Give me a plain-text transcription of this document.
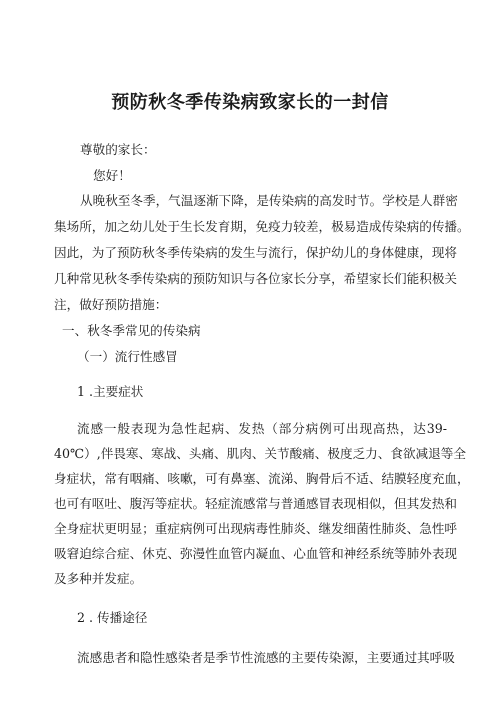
预防秋冬季传染病致家长的一封信
尊敬的家长：
您好！
从晚秋至冬季，气温逐渐下降，是传染病的高发时节。学校是人群密
集场所，加之幼儿处于生长发育期，免疫力较差，极易造成传染病的传播。
因此，为了预防秋冬季传染病的发生与流行，保护幼儿的身体健康，现将
几种常见秋冬季传染病的预防知识与各位家长分享，希望家长们能积极关
注，做好预防措施：
一、秋冬季常见的传染病
（一）流行性感冒
1 .主要症状
流感一般表现为急性起病、发热（部分病例可出现高热，达39-
40℃）,伴畏寒、寒战、头痛、肌肉、关节酸痛、极度乏力、食欲减退等全
身症状，常有咽痛、咳嗽，可有鼻塞、流涕、胸骨后不适、结膜轻度充血，
也可有呕吐、腹泻等症状。轻症流感常与普通感冒表现相似，但其发热和
全身症状更明显；重症病例可出现病毒性肺炎、继发细菌性肺炎、急性呼
吸窘迫综合症、休克、弥漫性血管内凝血、心血管和神经系统等肺外表现
及多种并发症。
2 . 传播途径
流感患者和隐性感染者是季节性流感的主要传染源，主要通过其呼吸
